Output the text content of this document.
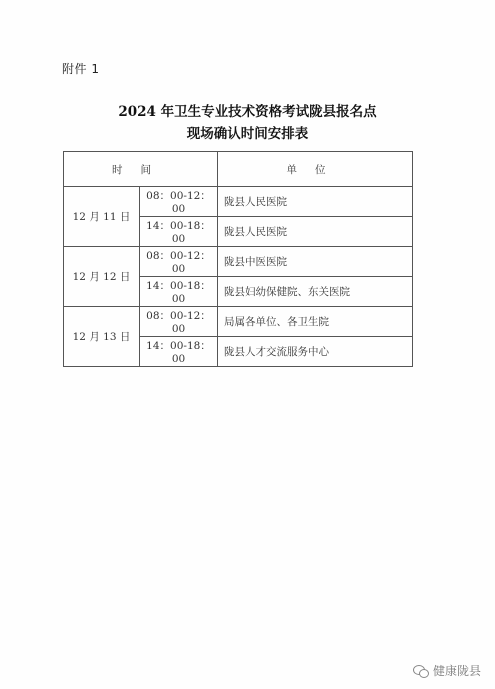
附件 1
2024 年卫生专业技术资格考试陇县报名点
现场确认时间安排表
时间		单位
12 月 11 日	08：00-12：00	陇县人民医院
	14：00-18：00	陇县人民医院
12 月 12 日	08：00-12：00	陇县中医医院
	14：00-18：00	陇县妇幼保健院、东关医院
12 月 13 日	08：00-12：00	局属各单位、各卫生院
	14：00-18：00	陇县人才交流服务中心
健康陇县
